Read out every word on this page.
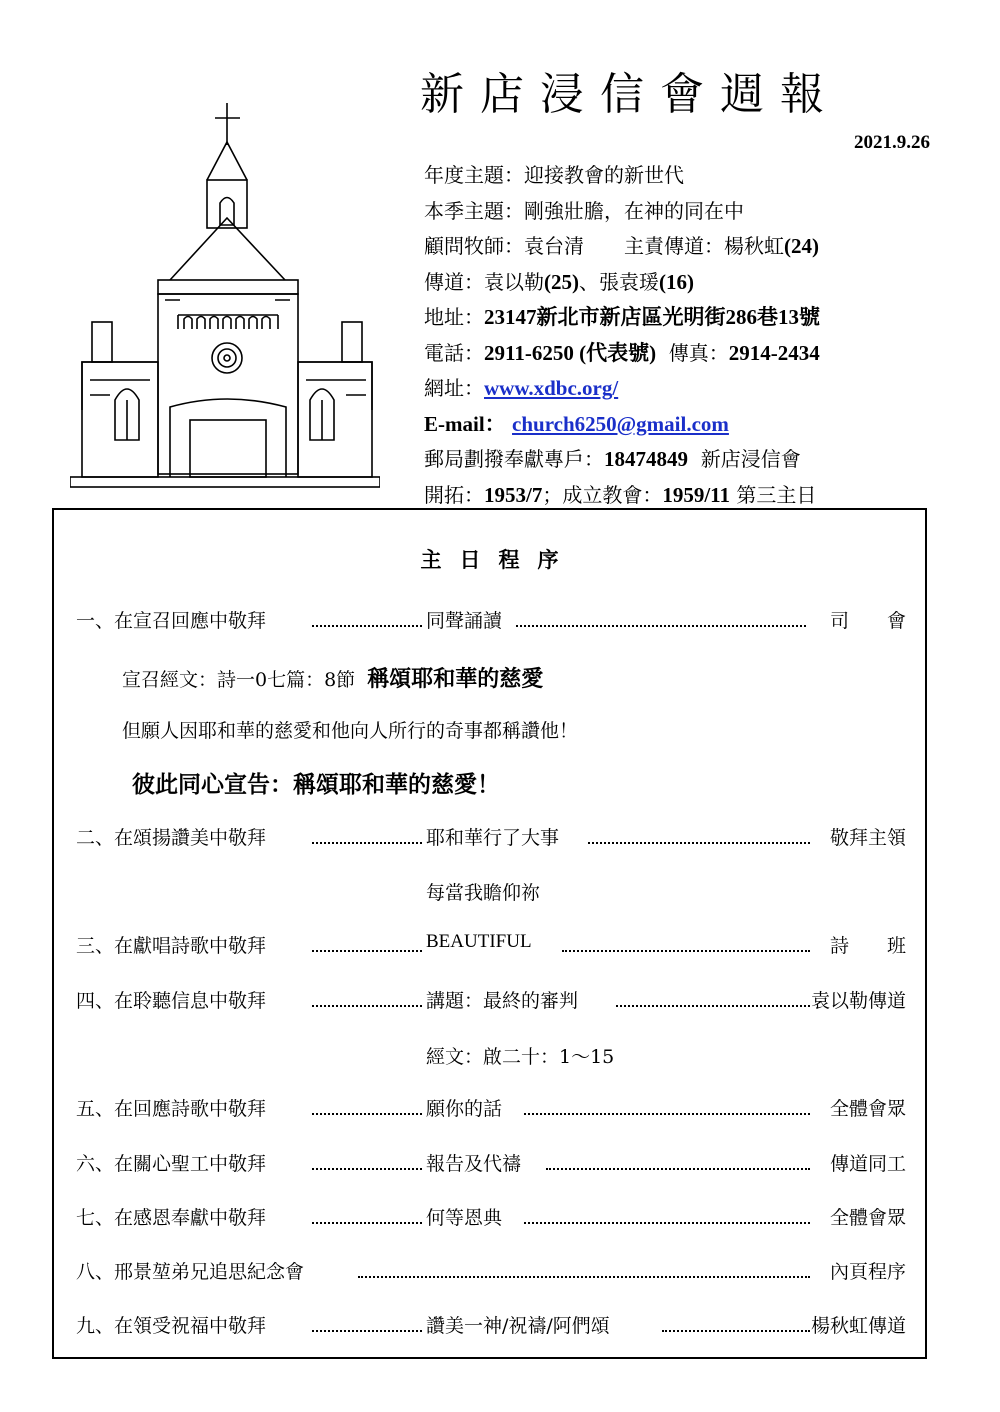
新店浸信會週報
2021.9.26
年度主題：迎接教會的新世代
本季主題：剛強壯膽，在神的同在中
顧問牧師：袁台清 主責傳道：楊秋虹(24)
傳道：袁以勒(25)、張袁瑗(16)
地址：23147新北市新店區光明街286巷13號
電話：2911-6250 (代表號) 傳真：2914-2434
網址：www.xdbc.org/
E-mail： church6250@gmail.com
郵局劃撥奉獻專戶：18474849 新店浸信會
開拓：1953/7；成立教會：1959/11 第三主日
主日程序
一、在宣召回應中敬拜	同聲誦讀	司　　會
宣召經文：詩一0七篇：8節 稱頌耶和華的慈愛
但願人因耶和華的慈愛和他向人所行的奇事都稱讚他！
彼此同心宣告：稱頌耶和華的慈愛！
二、在頌揚讚美中敬拜	耶和華行了大事	敬拜主領
每當我瞻仰祢
三、在獻唱詩歌中敬拜	BEAUTIFUL	詩　　班
四、在聆聽信息中敬拜	講題：最終的審判	袁以勒傳道
經文：啟二十：1～15
五、在回應詩歌中敬拜	願你的話	全體會眾
六、在關心聖工中敬拜	報告及代禱	傳道同工
七、在感恩奉獻中敬拜	何等恩典	全體會眾
八、邢景堃弟兄追思紀念會	內頁程序
九、在領受祝福中敬拜	讚美一神/祝禱/阿們頌	楊秋虹傳道
